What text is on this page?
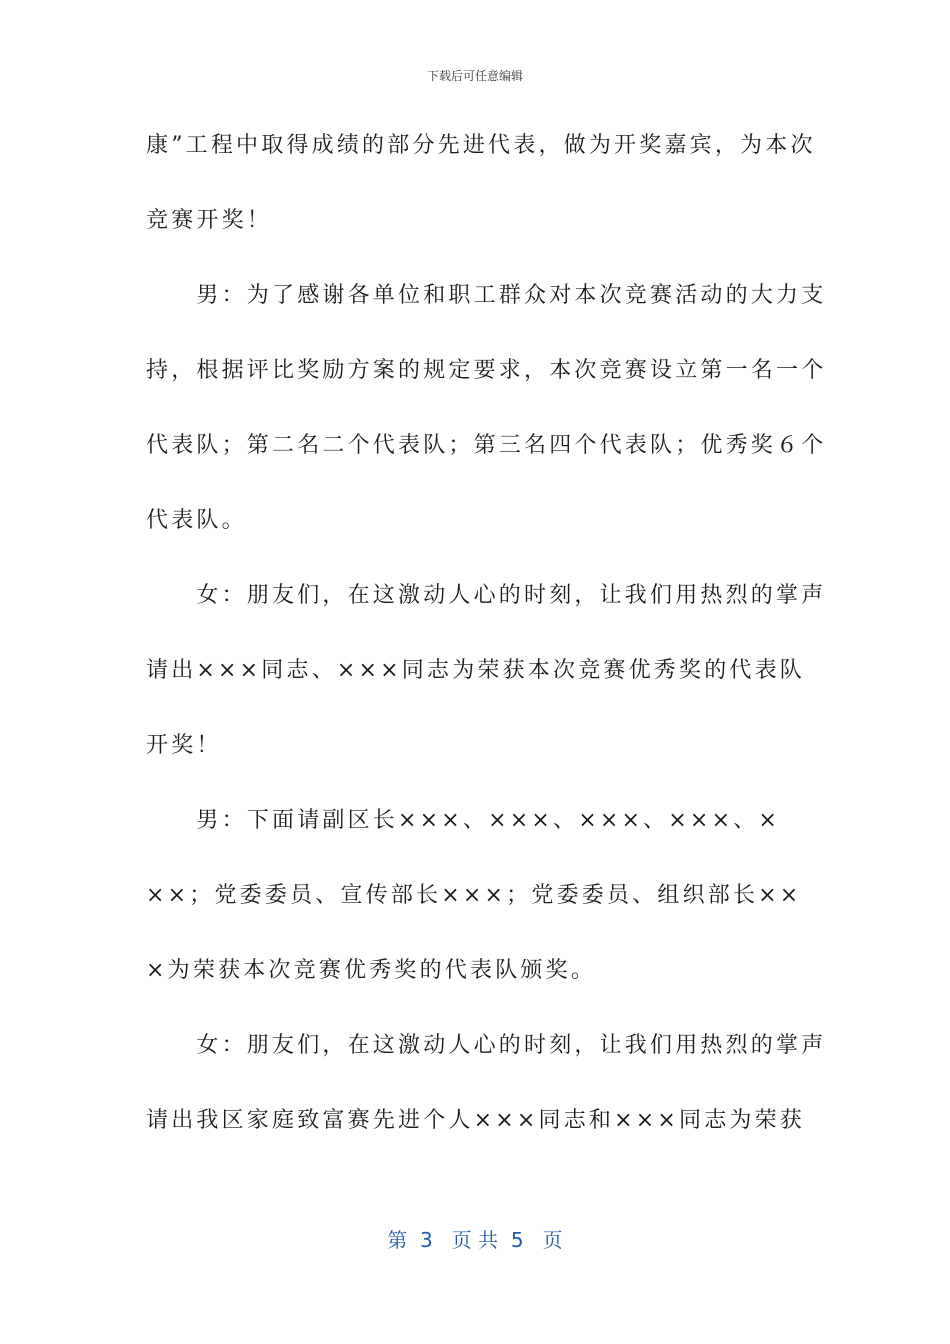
下载后可任意编辑
康”工程中取得成绩的部分先进代表，做为开奖嘉宾，为本次
竞赛开奖！
　　男：为了感谢各单位和职工群众对本次竞赛活动的大力支
持，根据评比奖励方案的规定要求，本次竞赛设立第一名一个
代表队；第二名二个代表队；第三名四个代表队；优秀奖６个
代表队。
　　女：朋友们，在这激动人心的时刻，让我们用热烈的掌声
请出×××同志、×××同志为荣获本次竞赛优秀奖的代表队
开奖！
　　男：下面请副区长×××、×××、×××、×××、×
××；党委委员、宣传部长×××；党委委员、组织部长××
×为荣获本次竞赛优秀奖的代表队颁奖。
　　女：朋友们，在这激动人心的时刻，让我们用热烈的掌声
请出我区家庭致富赛先进个人×××同志和×××同志为荣获
第  3   页 共  5   页
